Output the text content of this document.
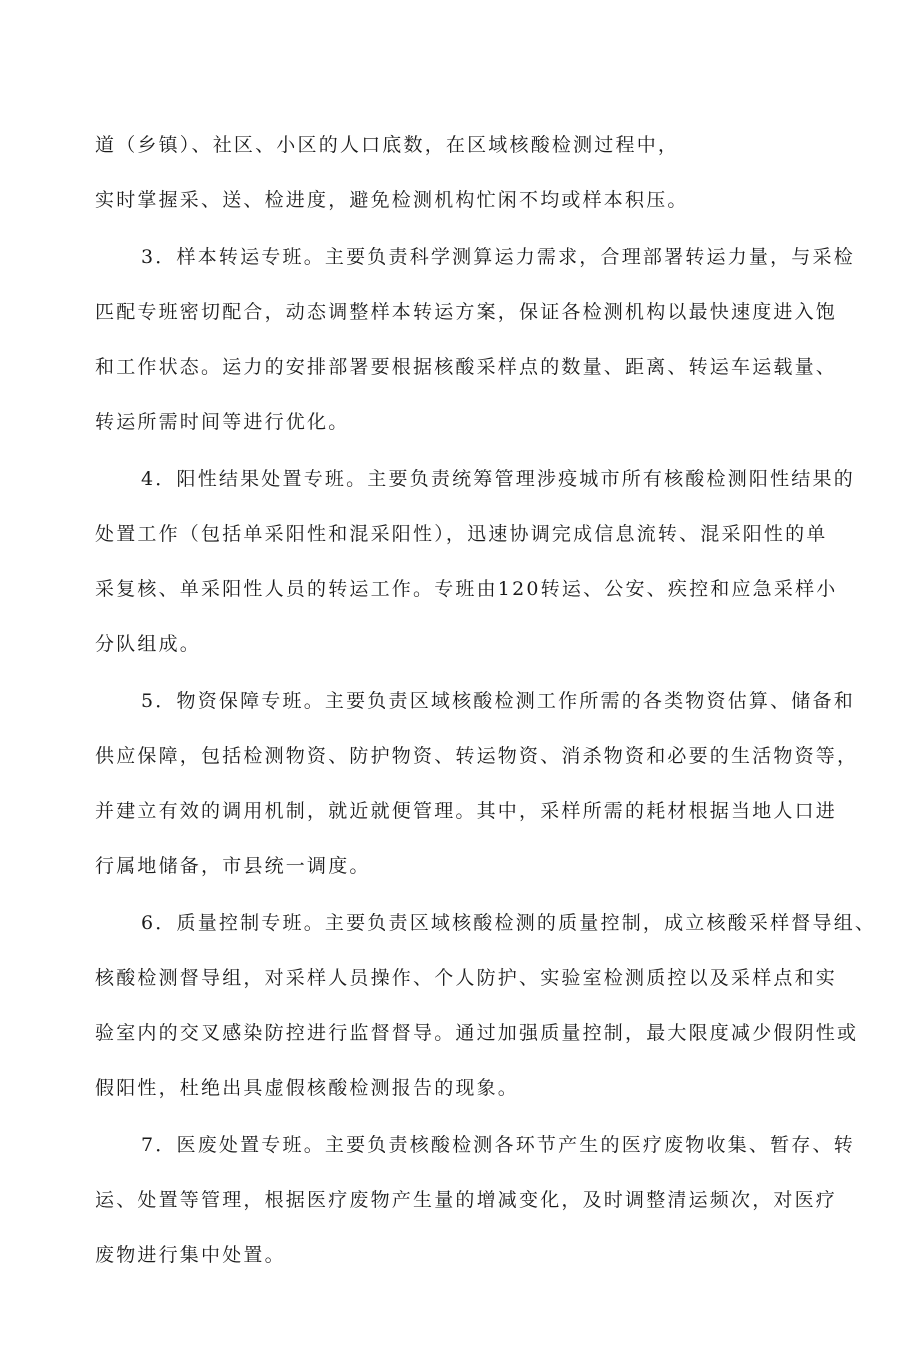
道（乡镇）、社区、小区的人口底数，在区域核酸检测过程中，
实时掌握采、送、检进度，避免检测机构忙闲不均或样本积压。
3．样本转运专班。主要负责科学测算运力需求，合理部署转运力量，与采检
匹配专班密切配合，动态调整样本转运方案，保证各检测机构以最快速度进入饱
和工作状态。运力的安排部署要根据核酸采样点的数量、距离、转运车运载量、
转运所需时间等进行优化。
4．阳性结果处置专班。主要负责统筹管理涉疫城市所有核酸检测阳性结果的
处置工作（包括单采阳性和混采阳性），迅速协调完成信息流转、混采阳性的单
采复核、单采阳性人员的转运工作。专班由120转运、公安、疾控和应急采样小
分队组成。
5．物资保障专班。主要负责区域核酸检测工作所需的各类物资估算、储备和
供应保障，包括检测物资、防护物资、转运物资、消杀物资和必要的生活物资等，
并建立有效的调用机制，就近就便管理。其中，采样所需的耗材根据当地人口进
行属地储备，市县统一调度。
6．质量控制专班。主要负责区域核酸检测的质量控制，成立核酸采样督导组、
核酸检测督导组，对采样人员操作、个人防护、实验室检测质控以及采样点和实
验室内的交叉感染防控进行监督督导。通过加强质量控制，最大限度减少假阴性或
假阳性，杜绝出具虚假核酸检测报告的现象。
7．医废处置专班。主要负责核酸检测各环节产生的医疗废物收集、暂存、转
运、处置等管理，根据医疗废物产生量的增减变化，及时调整清运频次，对医疗
废物进行集中处置。
